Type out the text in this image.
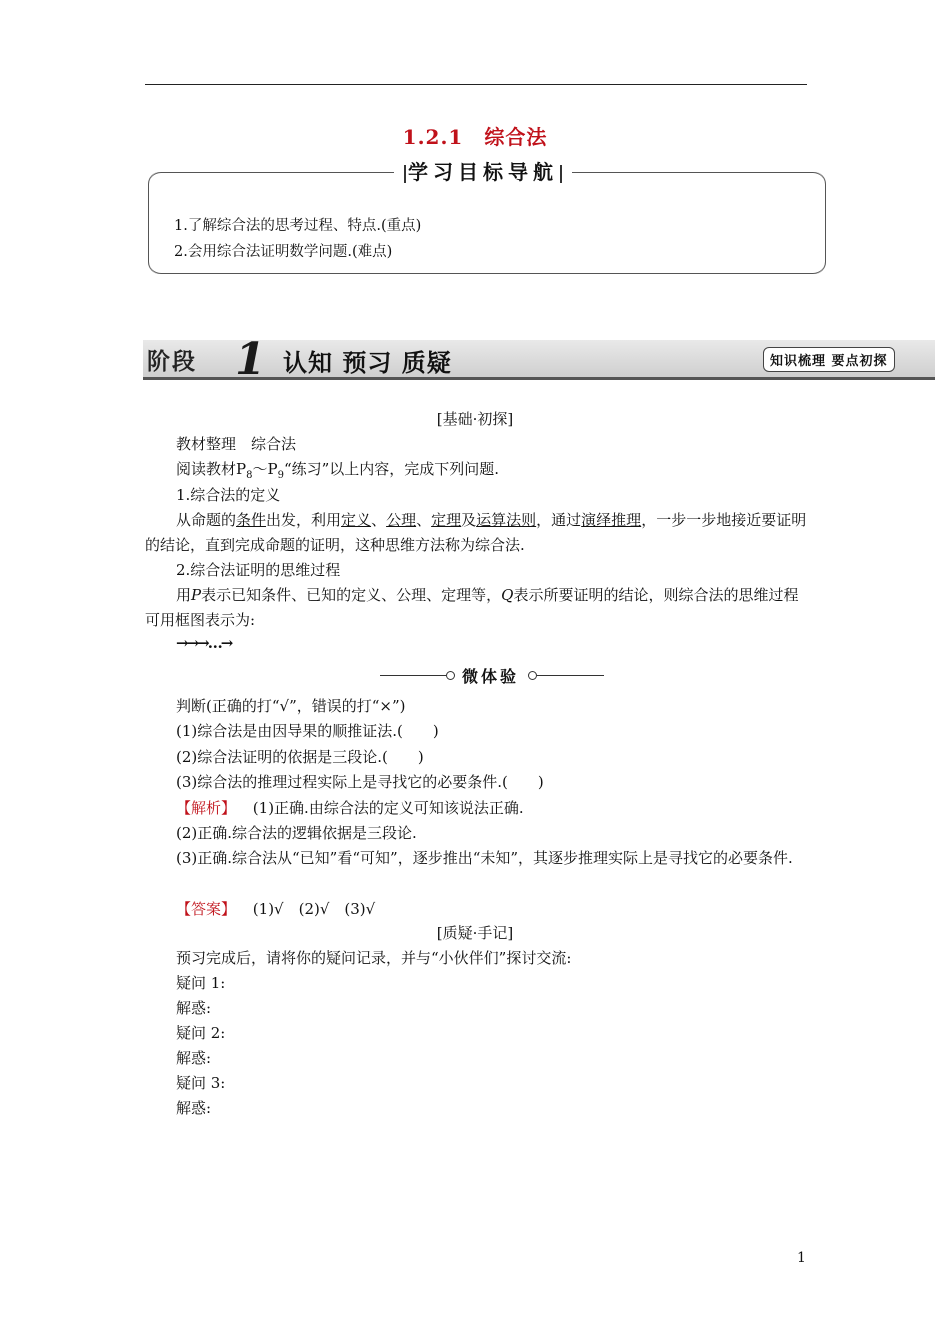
1.2.1　综合法
学习目标导航
1.了解综合法的思考过程、特点.(重点)
2.会用综合法证明数学问题.(难点)
阶段 1 认知 预习 质疑	知识梳理 要点初探
[基础·初探]
教材整理　综合法
阅读教材$P_8\sim P_9“$练习”以上内容，完成下列问题.
1.综合法的定义
从命题的条件出发，利用定义、公理、定理及运算法则，通过演绎推理，一步一步地接近要证明的结论，直到完成命题的证明，这种思维方法称为综合法.
2.综合法证明的思维过程
用P表示已知条件、已知的定义、公理、定理等，Q表示所要证明的结论，则综合法的思维过程可用框图表示为:
→→→…→
微体验
判断(正确的打“√”，错误的打“×”)
(1)综合法是由因导果的顺推证法.(　　)
(2)综合法证明的依据是三段论.(　　)
(3)综合法的推理过程实际上是寻找它的必要条件.(　　)
【解析】 (1)正确.由综合法的定义可知该说法正确.
(2)正确.综合法的逻辑依据是三段论.
(3)正确.综合法从“已知”看“可知”，逐步推出“未知”，其逐步推理实际上是寻找它的必要条件.
【答案】 (1)√　(2)√　(3)√
[质疑·手记]
预习完成后，请将你的疑问记录，并与“小伙伴们”探讨交流:
疑问 1:
解惑:
疑问 2:
解惑:
疑问 3:
解惑:
1
